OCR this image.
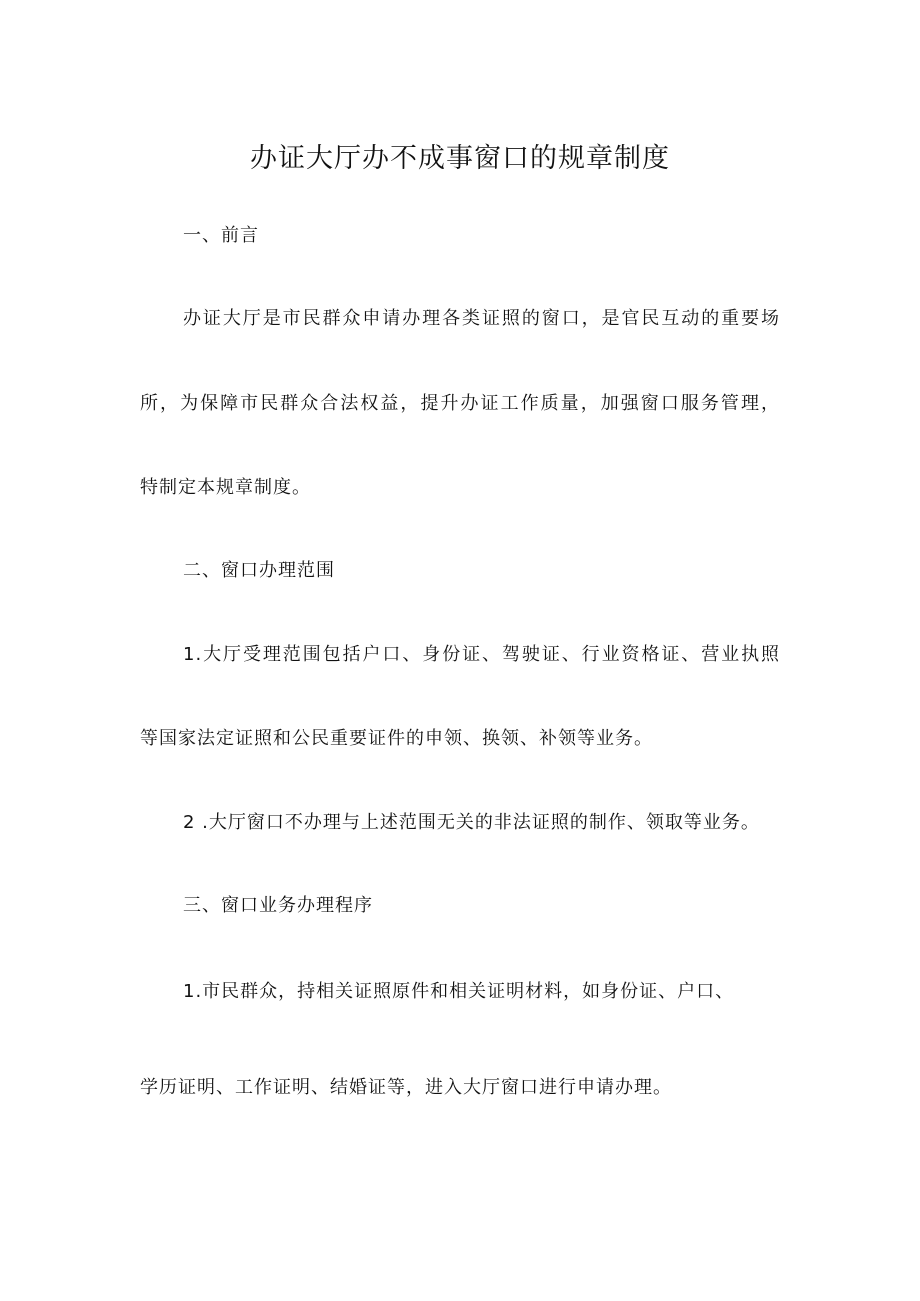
办证大厅办不成事窗口的规章制度
一、前言
办证大厅是市民群众申请办理各类证照的窗口，是官民互动的重要场
所，为保障市民群众合法权益，提升办证工作质量，加强窗口服务管理，
特制定本规章制度。
二、窗口办理范围
1.大厅受理范围包括户口、身份证、驾驶证、行业资格证、营业执照
等国家法定证照和公民重要证件的申领、换领、补领等业务。
2 .大厅窗口不办理与上述范围无关的非法证照的制作、领取等业务。
三、窗口业务办理程序
1.市民群众，持相关证照原件和相关证明材料，如身份证、户口、
学历证明、工作证明、结婚证等，进入大厅窗口进行申请办理。
